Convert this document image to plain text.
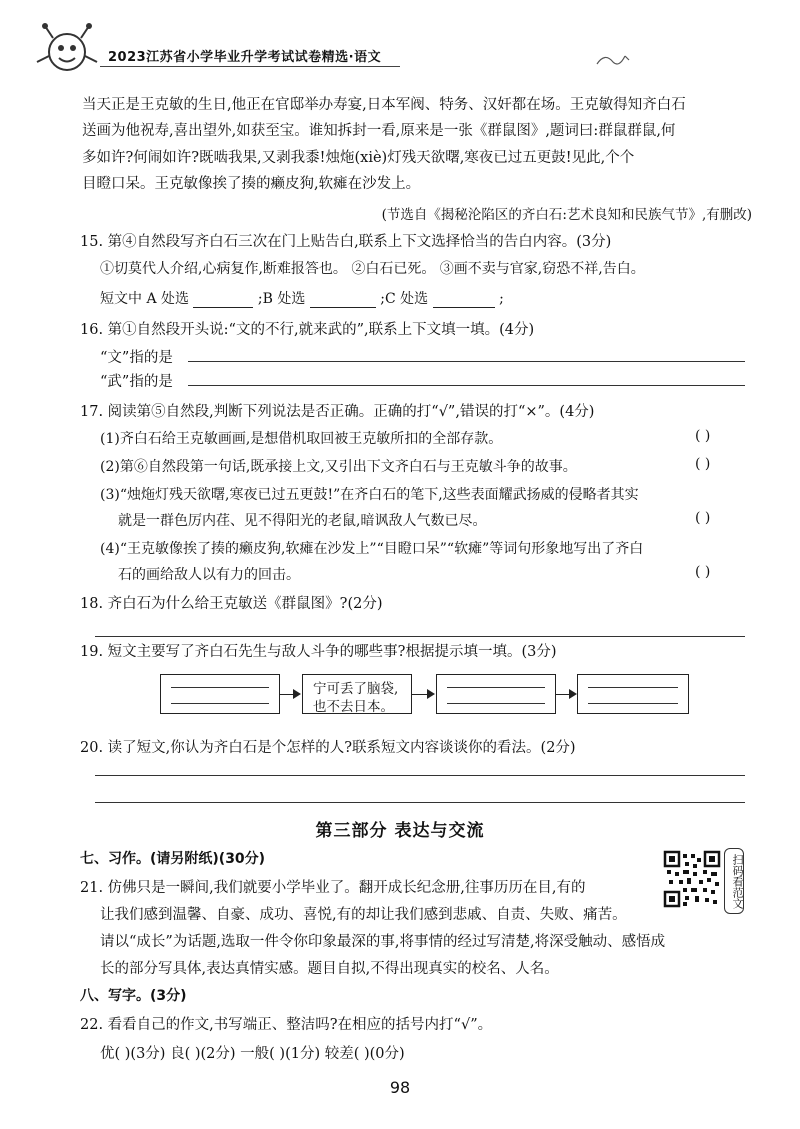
2023江苏省小学毕业升学考试试卷精选·语文
当天正是王克敏的生日,他正在官邸举办寿宴,日本军阀、特务、汉奸都在场。王克敏得知齐白石
送画为他祝寿,喜出望外,如获至宝。谁知拆封一看,原来是一张《群鼠图》,题词曰:群鼠群鼠,何
多如许?何闹如许?既啮我果,又剥我黍!烛炧(xiè)灯残天欲曙,寒夜已过五更鼓!见此,个个
目瞪口呆。王克敏像挨了揍的癞皮狗,软瘫在沙发上。
(节选自《揭秘沦陷区的齐白石:艺术良知和民族气节》,有删改)
15. 第④自然段写齐白石三次在门上贴告白,联系上下文选择恰当的告白内容。(3分)
①切莫代人介绍,心病复作,断难报答也。 ②白石已死。 ③画不卖与官家,窃恐不祥,告白。
短文中 A 处选	;B 处选	;C 处选	;
16. 第①自然段开头说:“文的不行,就来武的”,联系上下文填一填。(4分)
“文”指的是
“武”指的是
17. 阅读第⑤自然段,判断下列说法是否正确。正确的打“√”,错误的打“×”。(4分)
(1)齐白石给王克敏画画,是想借机取回被王克敏所扣的全部存款。	( )
(2)第⑥自然段第一句话,既承接上文,又引出下文齐白石与王克敏斗争的故事。	( )
(3)“烛炧灯残天欲曙,寒夜已过五更鼓!”在齐白石的笔下,这些表面耀武扬威的侵略者其实
就是一群色厉内荏、见不得阳光的老鼠,暗讽敌人气数已尽。	( )
(4)“王克敏像挨了揍的癞皮狗,软瘫在沙发上”“目瞪口呆”“软瘫”等词句形象地写出了齐白
石的画给敌人以有力的回击。	( )
18. 齐白石为什么给王克敏送《群鼠图》?(2分)
19. 短文主要写了齐白石先生与敌人斗争的哪些事?根据提示填一填。(3分)
宁可丢了脑袋,
也不去日本。
20. 读了短文,你认为齐白石是个怎样的人?联系短文内容谈谈你的看法。(2分)
第三部分 表达与交流
七、习作。(请另附纸)(30分)
21. 仿佛只是一瞬间,我们就要小学毕业了。翻开成长纪念册,往事历历在目,有的
让我们感到温馨、自豪、成功、喜悦,有的却让我们感到悲戚、自责、失败、痛苦。
请以“成长”为话题,选取一件令你印象最深的事,将事情的经过写清楚,将深受触动、感悟成
长的部分写具体,表达真情实感。题目自拟,不得出现真实的校名、人名。
扫码看范文
八、写字。(3分)
22. 看看自己的作文,书写端正、整洁吗?在相应的括号内打“√”。
优( )(3分) 良( )(2分) 一般( )(1分) 较差( )(0分)
98
